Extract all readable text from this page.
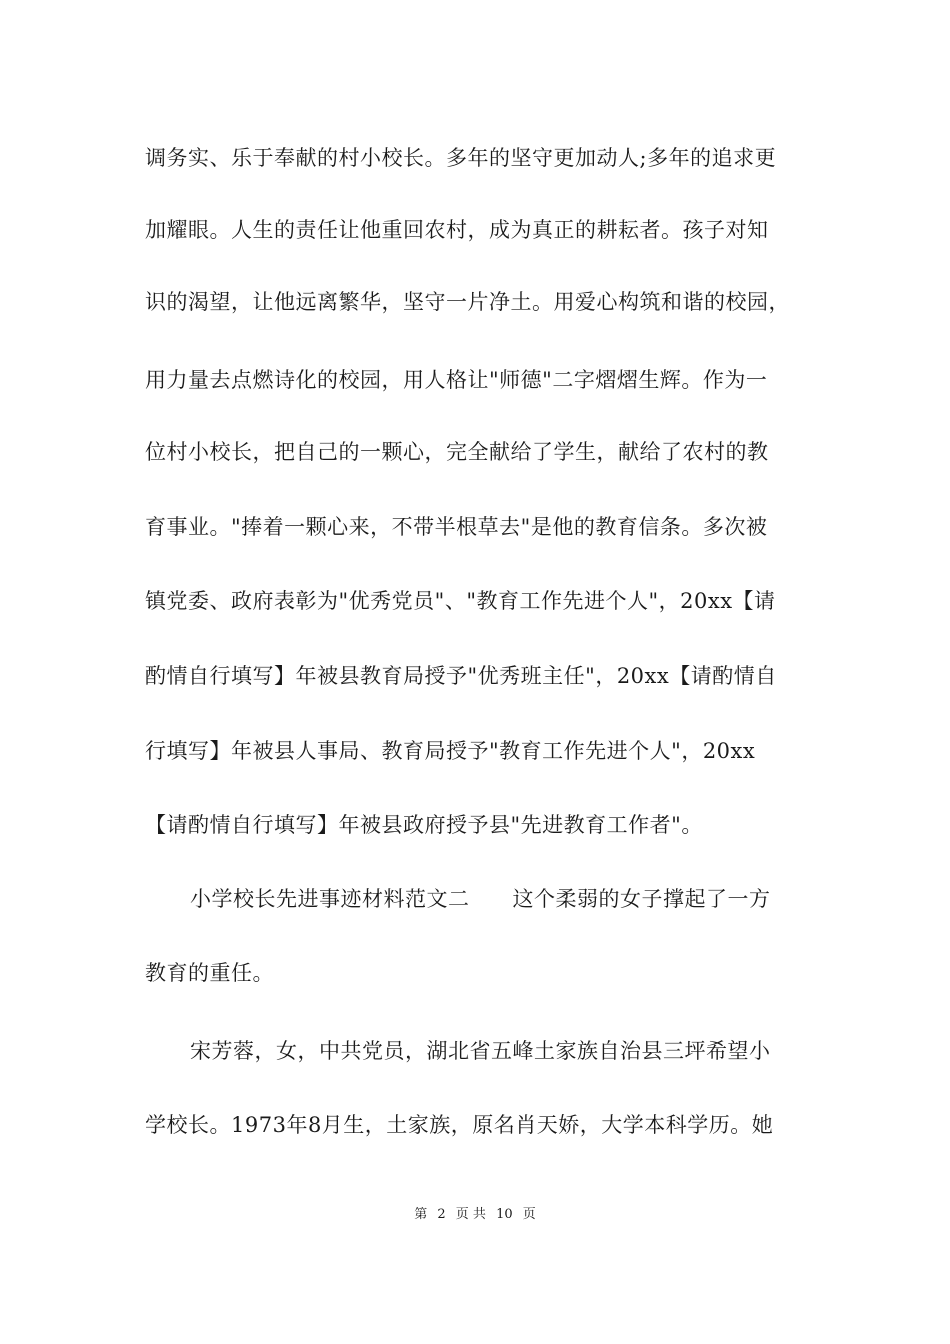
调务实、乐于奉献的村小校长。多年的坚守更加动人;多年的追求更
加耀眼。人生的责任让他重回农村，成为真正的耕耘者。孩子对知
识的渴望，让他远离繁华，坚守一片净土。用爱心构筑和谐的校园，
用力量去点燃诗化的校园，用人格让"师德"二字熠熠生辉。作为一
位村小校长，把自己的一颗心，完全献给了学生，献给了农村的教
育事业。"捧着一颗心来，不带半根草去"是他的教育信条。多次被
镇党委、政府表彰为"优秀党员"、"教育工作先进个人"，20xx【请
酌情自行填写】年被县教育局授予"优秀班主任"，20xx【请酌情自
行填写】年被县人事局、教育局授予"教育工作先进个人"，20xx
【请酌情自行填写】年被县政府授予县"先进教育工作者"。
小学校长先进事迹材料范文二　　这个柔弱的女子撑起了一方
教育的重任。
宋芳蓉，女，中共党员，湖北省五峰土家族自治县三坪希望小
学校长。1973年8月生，土家族，原名肖天娇，大学本科学历。她
第 2 页 共 10 页
